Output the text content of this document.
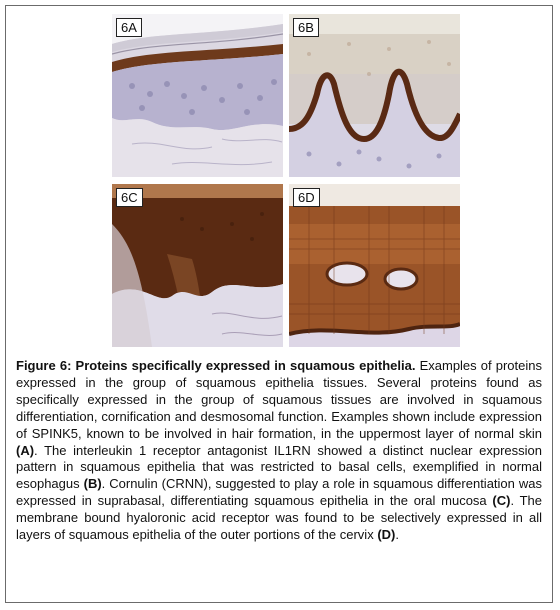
6A	6B
6C	6D

Figure 6: Proteins specifically expressed in squamous epithelia. Examples of proteins expressed in the group of squamous epithelia tissues. Several proteins found as specifically expressed in the group of squamous tissues are involved in squamous differentiation, cornification and desmosomal function. Examples shown include expression of SPINK5, known to be involved in hair formation, in the uppermost layer of normal skin (A). The interleukin 1 receptor antagonist IL1RN showed a distinct nuclear expression pattern in squamous epithelia that was restricted to basal cells, exemplified in normal esophagus (B). Cornulin (CRNN), suggested to play a role in squamous differentiation was expressed in suprabasal, differentiating squamous epithelia in the oral mucosa (C). The membrane bound hyaloronic acid receptor was found to be selectively expressed in all layers of squamous epithelia of the outer portions of the cervix (D).
